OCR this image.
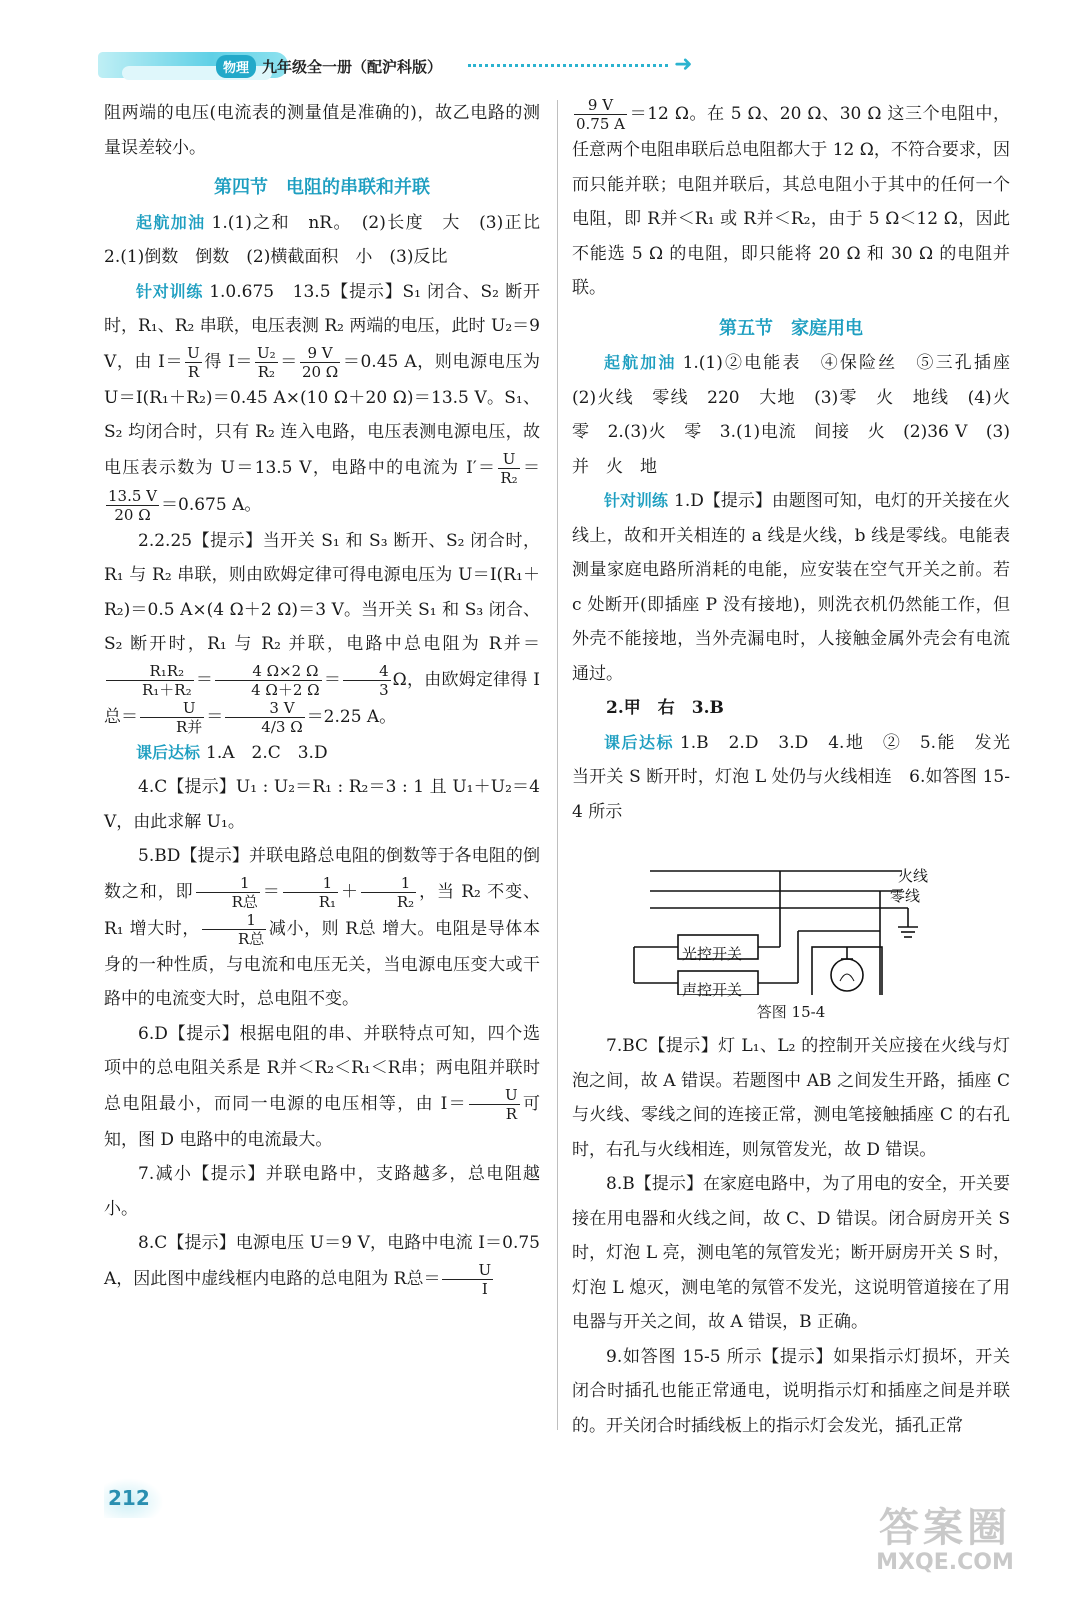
物理 九年级全一册（配沪科版）	➜

阻两端的电压(电流表的测量值是准确的)，故乙电路的测量误差较小。

第四节　电阻的串联和并联

起航加油 1.(1)之和　nR。　(2)长度　大　(3)正比　2.(1)倒数　倒数　(2)横截面积　小　(3)反比

针对训练 1.0.675　13.5【提示】S₁ 闭合、S₂ 断开时，R₁、R₂ 串联，电压表测 R₂ 两端的电压，此时 U₂＝9 V，由 $I= \frac{U}{R}$ 得 $I= \frac{\text{U₂}}{\text{R₂}} = \frac{9 V}{20 \Omega} =0.45$ A，则电源电压为 U＝I(R₁＋R₂)＝0.45 A×(10 Ω＋20 Ω)＝13.5 V。S₁、S₂ 均闭合时，只有 R₂ 连入电路，电压表测电源电压，故电压表示数为 U＝13.5 V，电路中的电流为 $I'= \frac{U}{\text{R₂}}$ ＝
$\frac{13.5 V}{20 \Omega} =0.675$ A。

2.2.25【提示】当开关 S₁ 和 S₃ 断开、S₂ 闭合时，R₁ 与 R₂ 串联，则由欧姆定律可得电源电压为 U＝I(R₁＋R₂)＝0.5 A×(4 Ω＋2 Ω)＝3 V。当开关 S₁ 和 S₃ 闭合、S₂ 断开时，R₁ 与 R₂ 并联，电路中总电阻为 R并＝
$\frac{\text{R₁R₂}}{\text{R₁＋R₂}} = \frac{4 \Omega\times 2 \Omega}{4 \Omega+2 \Omega} = \frac{4}{3}$ Ω，由欧姆定律得 I总＝ $\frac{U}{\text{R并}} = \frac{3 V}{4/3 \Omega} =2.25$ A。

课后达标 1.A　2.C　3.D

4.C【提示】U₁ : U₂＝R₁ : R₂＝3 : 1 且 U₁＋U₂＝4 V，由此求解 U₁。

5.BD【提示】并联电路总电阻的倒数等于各电阻的倒数之和，即 $\frac{1}{\text{R总}} = \frac{1}{\text{R₁}} + \frac{1}{\text{R₂}}$ ，当 R₂ 不变、R₁ 增大时， $\frac{1}{\text{R总}}$ 减小，则 R总 增大。电阻是导体本身的一种性质，与电流和电压无关，当电源电压变大或干路中的电流变大时，总电阻不变。

6.D【提示】根据电阻的串、并联特点可知，四个选项中的总电阻关系是 R并＜R₂＜R₁＜R串；两电阻并联时总电阻最小，而同一电源的电压相等，由 $I= \frac{U}{R}$ 可知，图 D 电路中的电流最大。

7.减小【提示】并联电路中，支路越多，总电阻越小。

8.C【提示】电源电压 U＝9 V，电路中电流 I＝0.75 A，因此图中虚线框内电路的总电阻为 R总＝ $\frac{U}{I}$

$\frac{9 V}{0.75 A} =12$ Ω。在 5 Ω、20 Ω、30 Ω 这三个电阻中，任意两个电阻串联后总电阻都大于 12 Ω，不符合要求，因而只能并联；电阻并联后，其总电阻小于其中的任何一个电阻，即 R并＜R₁ 或 R并＜R₂，由于 5 Ω＜12 Ω，因此不能选 5 Ω 的电阻，即只能将 20 Ω 和 30 Ω 的电阻并联。

第五节　家庭用电

起航加油 1.(1)②电能表　④保险丝　⑤三孔插座　(2)火线　零线　220　大地　(3)零　火　地线　(4)火　零　2.(3)火　零　3.(1)电流　间接　火　(2)36 V　(3)并　火　地

针对训练 1.D【提示】由题图可知，电灯的开关接在火线上，故和开关相连的 a 线是火线，b 线是零线。电能表测量家庭电路所消耗的电能，应安装在空气开关之前。若 c 处断开(即插座 P 没有接地)，则洗衣机仍然能工作，但外壳不能接地，当外壳漏电时，人接触金属外壳会有电流通过。

2.甲　右　3.B

课后达标 1.B　2.D　3.D　4.地　②　5.能　发光　当开关 S 断开时，灯泡 L 处仍与火线相连　6.如答图 15-4 所示

火线
零线
光控开关
声控开关

答图 15-4

7.BC【提示】灯 L₁、L₂ 的控制开关应接在火线与灯泡之间，故 A 错误。若题图中 AB 之间发生开路，插座 C 与火线、零线之间的连接正常，测电笔接触插座 C 的右孔时，右孔与火线相连，则氖管发光，故 D 错误。

8.B【提示】在家庭电路中，为了用电的安全，开关要接在用电器和火线之间，故 C、D 错误。闭合厨房开关 S 时，灯泡 L 亮，测电笔的氖管发光；断开厨房开关 S 时，灯泡 L 熄灭，测电笔的氖管不发光，这说明管道接在了用电器与开关之间，故 A 错误，B 正确。

9.如答图 15-5 所示【提示】如果指示灯损坏，开关闭合时插孔也能正常通电，说明指示灯和插座之间是并联的。开关闭合时插线板上的指示灯会发光，插孔正常

212
答案圈
MXQE.COM
